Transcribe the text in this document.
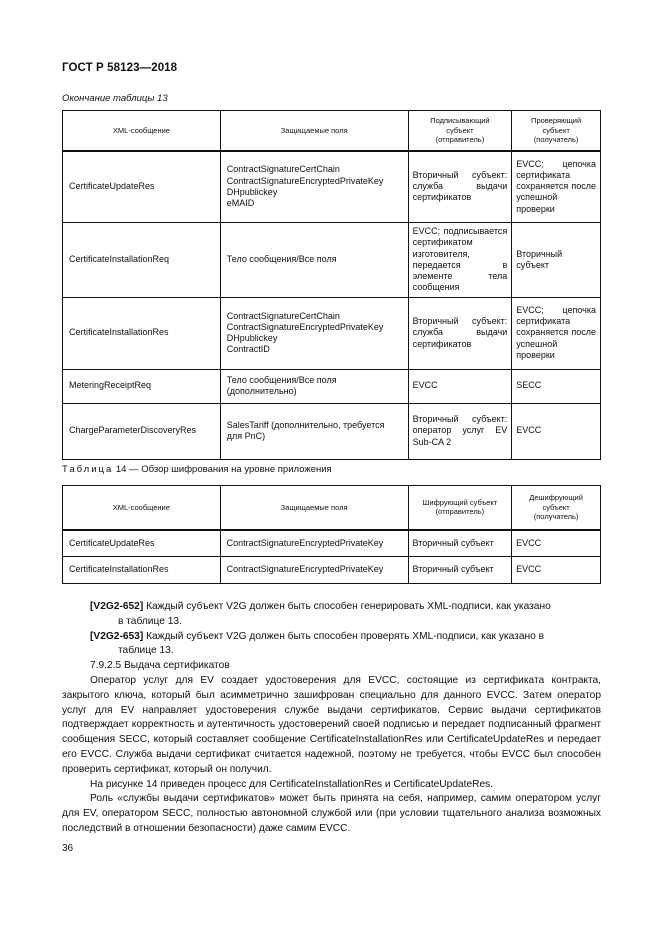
ГОСТ Р 58123—2018
Окончание таблицы 13
XML-сообщение	Защищаемые поля	Подписывающий
субъект
(отправитель)	Проверяющий
субъект
(получатель)
CertificateUpdateRes	ContractSignatureCertChain
ContractSignatureEncryptedPrivateKey
DHpublickey
eMAID	Вторичный субъект: служба выдачи сертификатов	EVCC; цепочка сертификата сохраняется после успешной проверки
CertificateInstallationReq	Тело сообщения/Все поля	EVCC; подписывается сертификатом изготовителя, передается в элементе тела сообщения	Вторичный субъект
CertificateInstallationRes	ContractSignatureCertChain
ContractSignatureEncryptedPrivateKey
DHpublickey
ContractID	Вторичный субъект: служба выдачи сертификатов	EVCC; цепочка сертификата сохраняется после успешной проверки
MeteringReceiptReq	Тело сообщения/Все поля (дополнительно)	EVCC	SECC
ChargeParameterDiscoveryRes	SalesTariff (дополнительно, требуется для PnC)	Вторичный субъект: оператор услуг EV Sub-CA 2	EVCC
Таблица 14 — Обзор шифрования на уровне приложения
XML-сообщение	Защищаемые поля	Шифрующий субъект
(отправитель)	Дешифрующий
субъект
(получатель)
CertificateUpdateRes	ContractSignatureEncryptedPrivateKey	Вторичный субъект	EVCC
CertificateInstallationRes	ContractSignatureEncryptedPrivateKey	Вторичный субъект	EVCC

[V2G2-652] Каждый субъект V2G должен быть способен генерировать XML-подписи, как указано

в таблице 13.

[V2G2-653] Каждый субъект V2G должен быть способен проверять XML-подписи, как указано в

таблице 13.

7.9.2.5 Выдача сертификатов

Оператор услуг для EV создает удостоверения для EVCC, состоящие из сертификата контракта, закрытого ключа, который был асимметрично зашифрован специально для данного EVCC. Затем оператор услуг для EV направляет удостоверения службе выдачи сертификатов. Сервис выдачи сертификатов подтверждает корректность и аутентичность удостоверений своей подписью и передает подписанный фрагмент сообщения SECC, который составляет сообщение CertificateInstallationRes или CertificateUpdateRes и передает его EVCC. Служба выдачи сертификат считается надежной, поэтому не требуется, чтобы EVCC был способен проверить сертификат, который он получил.

На рисунке 14 приведен процесс для CertificateInstallationRes и CertificateUpdateRes.

Роль «службы выдачи сертификатов» может быть принята на себя, например, самим оператором услуг для EV, оператором SECC, полностью автономной службой или (при условии тщательного анализа возможных последствий в отношении безопасности) даже самим EVCC.

36
